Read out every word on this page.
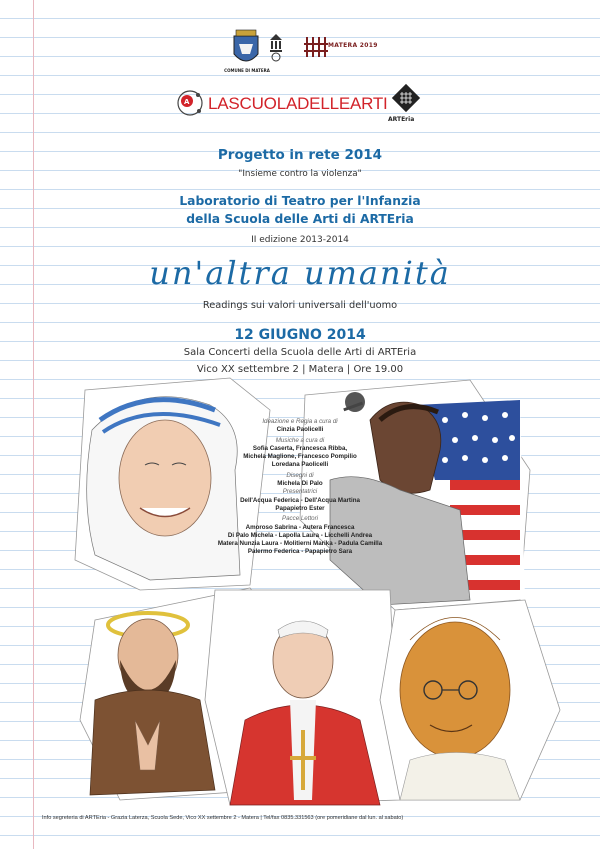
COMUNE DI MATERA
MATERA 2019
A LASCUOLADELLEARTI
ARTEria
Progetto in rete 2014
"Insieme contro la violenza"
Laboratorio di Teatro per l'Infanzia
della Scuola delle Arti di ARTEria
II edizione 2013-2014
un'altra umanità
Readings sui valori universali dell'uomo
12 GIUGNO 2014
Sala Concerti della Scuola delle Arti di ARTEria
Vico XX settembre 2 | Matera | Ore 19.00
Ideazione e Regia a cura di
Cinzia Paolicelli
Musiche a cura di
Sofia Caserta, Francesca Ribba,
Michela Maglione, Francesco Pompilio
Loredana Paolicelli
Disegni di
Michela Di Palo
Presentatrici
Dell'Acqua Federica - Dell'Acqua Martina
Papapietro Ester
Pacce Lettori
Amoroso Sabrina - Autera Francesca
Di Palo Michela - Lapolla Laura - Licchelli Andrea
Matera Nunzia Laura - Molitierni Marika - Padula Camilla
Palermo Federica - Papapietro Sara
Info segreteria di ARTEria - Grazia Laterza, Scuola Sede, Vico XX settembre 2 - Matera | Tel/fax 0835.331563 (ore pomeridiane dal lun. al sabato)
